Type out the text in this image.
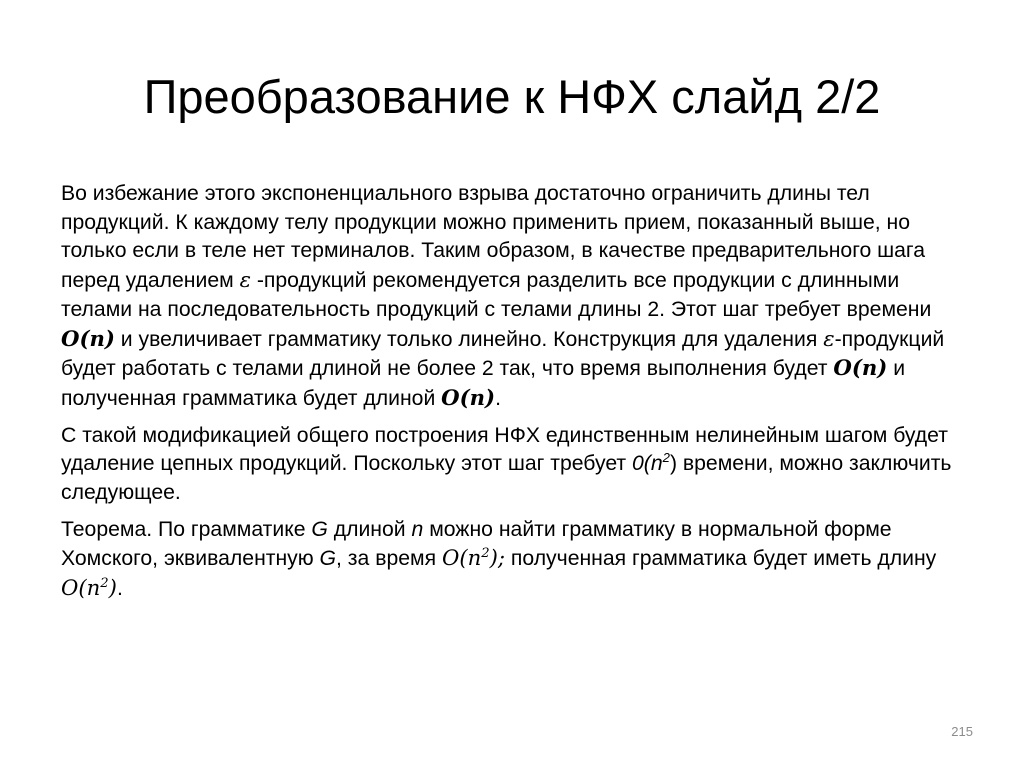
Преобразование к НФХ слайд 2/2

Во избежание этого экспоненциального взрыва достаточно ограничить длины тел продукций. К каждому телу продукции можно применить прием, показанный выше, но только если в теле нет терминалов. Таким образом, в качестве предварительного шага перед удалением ε -продукций рекомендуется разделить все продукции с длинными телами на последовательность продукций с телами длины 2. Этот шаг требует времени O(n) и увеличивает грамматику только линейно. Конструкция для удаления ε-продукций будет работать с телами длиной не более 2 так, что время выполнения будет O(n) и полученная грамматика будет длиной O(n).

С такой модификацией общего построения НФХ единственным нелинейным шагом будет удаление цепных продукций. Поскольку этот шаг требует $0(n^2)$ времени, можно заключить следующее.

Теорема. По грамматике G длиной n можно найти грамматику в нормальной форме Хомского, эквивалентную G, за время $O(n^2)$; полученная грамматика будет иметь длину $O(n^2)$.

215
